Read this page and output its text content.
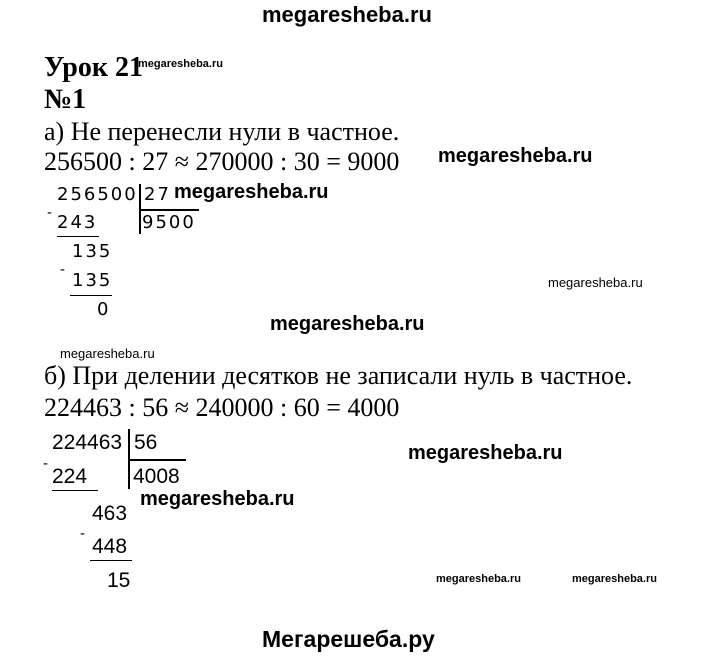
megaresheba.ru
megaresheba.ru
megaresheba.ru
megaresheba.ru
megaresheba.ru
megaresheba.ru
megaresheba.ru
megaresheba.ru
megaresheba.ru
megaresheba.ru	megaresheba.ru
Урок 21
№1
а) Не перенесли нули в частное.
256500 : 27 ≈ 270000 : 30 = 9000
256500 27
- 243 9500
135
- 135
0
б) При делении десятков не записали нуль в частное.
224463 : 56 ≈ 240000 : 60 = 4000
224463 56
-
224 4008
463
-
448
15
Мегарешеба.ру
